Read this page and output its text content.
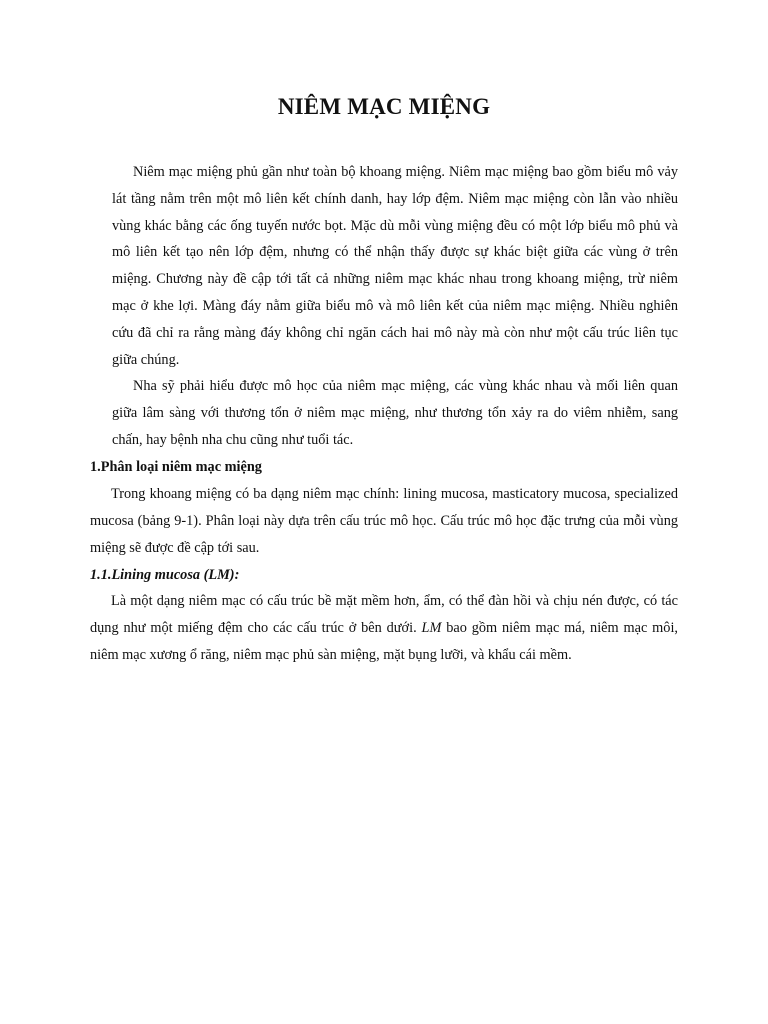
NIÊM MẠC MIỆNG

Niêm mạc miệng phủ gần như toàn bộ khoang miệng. Niêm mạc miệng bao gồm biểu mô vảy lát tầng nằm trên một mô liên kết chính danh, hay lớp đệm. Niêm mạc miệng còn lẫn vào nhiều vùng khác bằng các ống tuyến nước bọt. Mặc dù mỗi vùng miệng đều có một lớp biểu mô phủ và mô liên kết tạo nên lớp đệm, nhưng có thể nhận thấy được sự khác biệt giữa các vùng ở trên miệng. Chương này đề cập tới tất cả những niêm mạc khác nhau trong khoang miệng, trừ niêm mạc ở khe lợi. Màng đáy nằm giữa biểu mô và mô liên kết của niêm mạc miệng. Nhiều nghiên cứu đã chỉ ra rằng màng đáy không chỉ ngăn cách hai mô này mà còn như một cấu trúc liên tục giữa chúng.

Nha sỹ phải hiểu được mô học của niêm mạc miệng, các vùng khác nhau và mối liên quan giữa lâm sàng với thương tổn ở niêm mạc miệng, như thương tổn xảy ra do viêm nhiễm, sang chấn, hay bệnh nha chu cũng như tuổi tác.

1.Phân loại niêm mạc miệng

Trong khoang miệng có ba dạng niêm mạc chính: lining mucosa, masticatory mucosa, specialized mucosa (bảng 9-1). Phân loại này dựa trên cấu trúc mô học. Cấu trúc mô học đặc trưng của mỗi vùng miệng sẽ được đề cập tới sau.

1.1.Lining mucosa (LM):

Là một dạng niêm mạc có cấu trúc bề mặt mềm hơn, ẩm, có thể đàn hồi và chịu nén được, có tác dụng như một miếng đệm cho các cấu trúc ở bên dưới. LM bao gồm niêm mạc má, niêm mạc môi, niêm mạc xương ổ răng, niêm mạc phủ sàn miệng, mặt bụng lưỡi, và khẩu cái mềm.
